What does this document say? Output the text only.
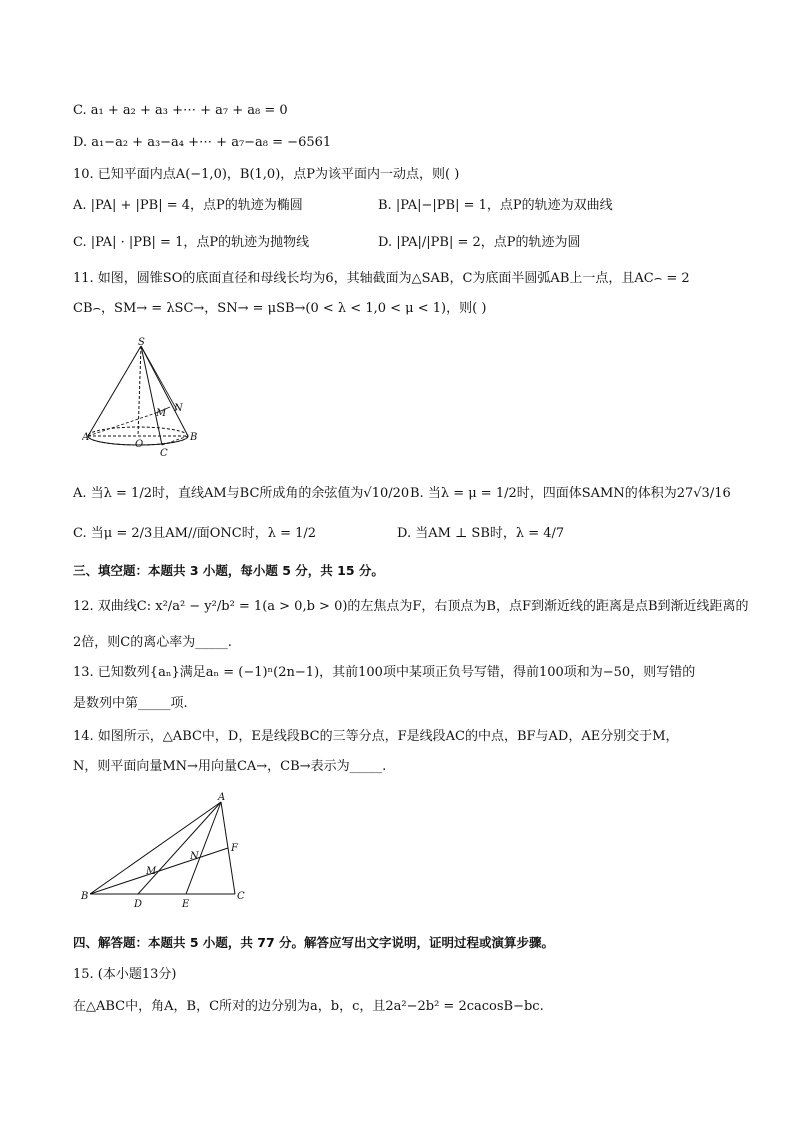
C. a₁ + a₂ + a₃ +⋯ + a₇ + a₈ = 0
D. a₁−a₂ + a₃−a₄ +⋯ + a₇−a₈ = −6561
10. 已知平面内点A(−1,0)，B(1,0)，点P为该平面内一动点，则( )
A. |PA| + |PB| = 4，点P的轨迹为椭圆	B. |PA|−|PB| = 1，点P的轨迹为双曲线
C. |PA| · |PB| = 1，点P的轨迹为抛物线	D. |PA|/|PB| = 2，点P的轨迹为圆
11. 如图，圆锥SO的底面直径和母线长均为6，其轴截面为△SAB，C为底面半圆弧AB上一点，且AC⌢ = 2
CB⌢，SM→ = λSC→，SN→ = μSB→(0 < λ < 1,0 < μ < 1)，则( )
S
M N
A
O
B
C
A. 当λ = 1/2时，直线AM与BC所成角的余弦值为√10/20 B. 当λ = μ = 1/2时，四面体SAMN的体积为27√3/16
C. 当μ = 2/3且AM//面ONC时，λ = 1/2	D. 当AM ⊥ SB时，λ = 4/7
三、填空题：本题共 3 小题，每小题 5 分，共 15 分。
12. 双曲线C: x²/a² − y²/b² = 1(a > 0,b > 0)的左焦点为F，右顶点为B，点F到渐近线的距离是点B到渐近线距离的
2倍，则C的离心率为_____.
13. 已知数列{aₙ}满足aₙ = (−1)ⁿ(2n−1)，其前100项中某项正负号写错，得前100项和为−50，则写错的
是数列中第_____项.
14. 如图所示，△ABC中，D，E是线段BC的三等分点，F是线段AC的中点，BF与AD，AE分别交于M，
N，则平面向量MN→用向量CA→，CB→表示为_____.
A
F
N
M
B
D	E
C
四、解答题：本题共 5 小题，共 77 分。解答应写出文字说明，证明过程或演算步骤。
15. (本小题13分)
在△ABC中，角A，B，C所对的边分别为a，b，c，且2a²−2b² = 2cacosB−bc.
